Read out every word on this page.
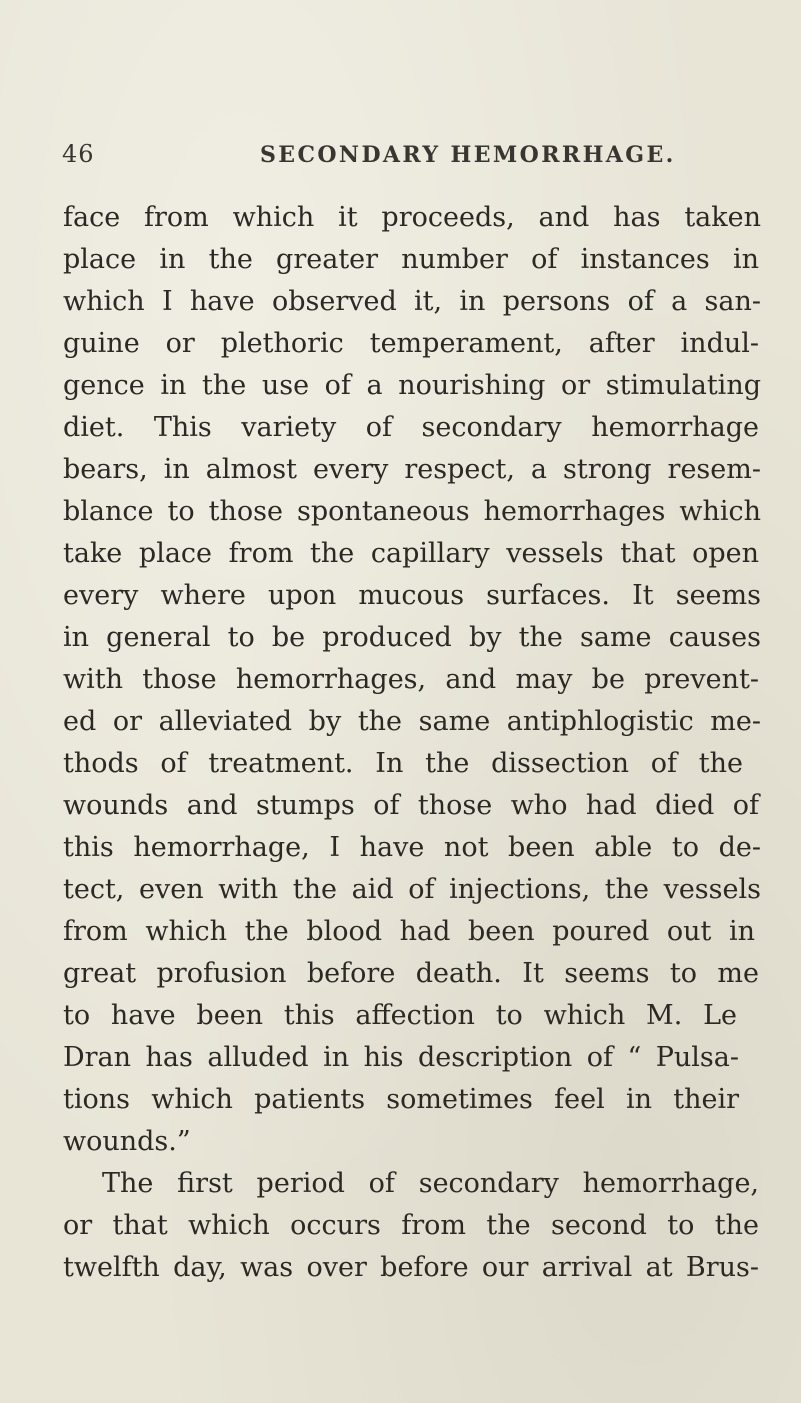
46	SECONDARY HEMORRHAGE.
face from which it proceeds, and has taken
place in the greater number of instances in
which I have observed it, in persons of a san-
guine or plethoric temperament, after indul-
gence in the use of a nourishing or stimulating
diet. This variety of secondary hemorrhage
bears, in almost every respect, a strong resem-
blance to those spontaneous hemorrhages which
take place from the capillary vessels that open
every where upon mucous surfaces. It seems
in general to be produced by the same causes
with those hemorrhages, and may be prevent-
ed or alleviated by the same antiphlogistic me-
thods of treatment. In the dissection of the
wounds and stumps of those who had died of
this hemorrhage, I have not been able to de-
tect, even with the aid of injections, the vessels
from which the blood had been poured out in
great profusion before death. It seems to me
to have been this affection to which M. Le
Dran has alluded in his description of “ Pulsa-
tions which patients sometimes feel in their
wounds.”
The first period of secondary hemorrhage,
or that which occurs from the second to the
twelfth day, was over before our arrival at Brus-
